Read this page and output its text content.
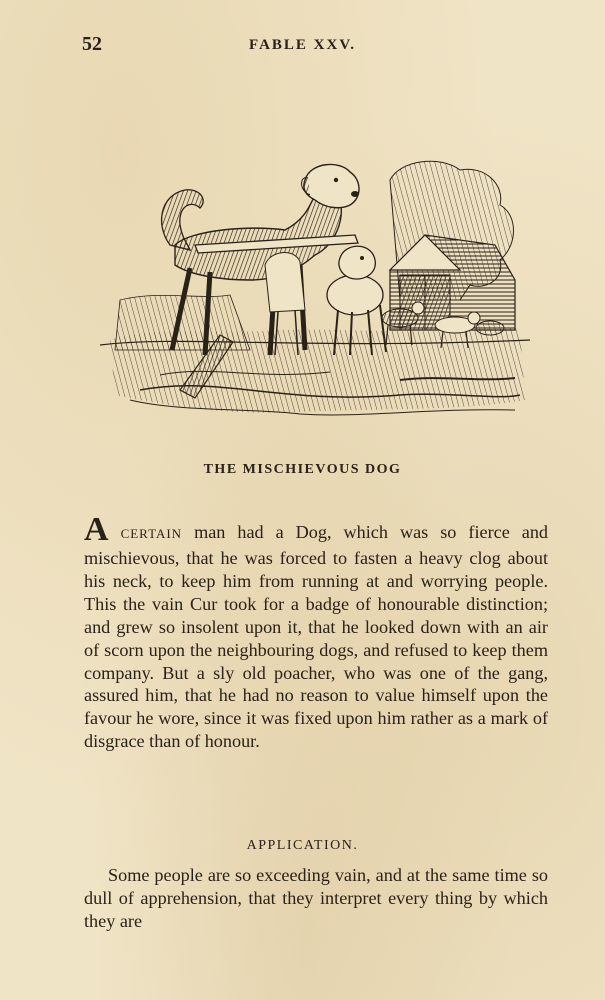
52	FABLE XXV.
THE MISCHIEVOUS DOG

A certain man had a Dog, which was so fierce and mischievous, that he was forced to fasten a heavy clog about his neck, to keep him from running at and worrying people. This the vain Cur took for a badge of honourable distinction; and grew so insolent upon it, that he looked down with an air of scorn upon the neighbouring dogs, and refused to keep them company. But a sly old poacher, who was one of the gang, assured him, that he had no reason to value himself upon the favour he wore, since it was fixed upon him rather as a mark of disgrace than of honour.

APPLICATION.

Some people are so exceeding vain, and at the same time so dull of apprehension, that they interpret every thing by which they are
